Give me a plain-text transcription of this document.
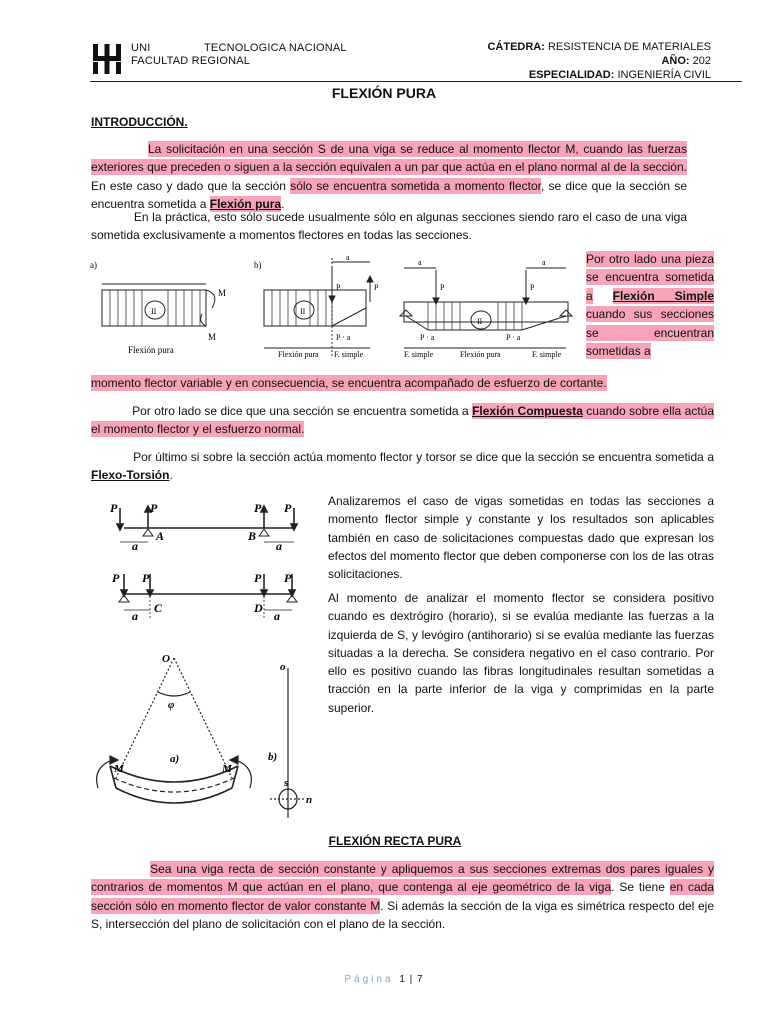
UNI	TECNOLOGICA NACIONAL
FACULTAD REGIONAL
CÁTEDRA: RESISTENCIA DE MATERIALES
AÑO: 202
ESPECIALIDAD: INGENIERÍA CIVIL
FLEXIÓN PURA
INTRODUCCIÓN.
La solicitación en una sección S de una viga se reduce al momento flector M, cuando las fuerzas exteriores que preceden o siguen a la sección equivalen a un par que actúa en el plano normal al de la sección. En este caso y dado que la sección sólo se encuentra sometida a momento flector, se dice que la sección se encuentra sometida a Flexión pura.
En la práctica, esto sólo sucede usualmente sólo en algunas secciones siendo raro el caso de una viga sometida exclusivamente a momentos flectores en todas las secciones.
a)	b)
M
M
II	II
II
Flexión pura
a
a	a
P	P	P	P
P · a	P · a	P · a
Flexión pura F. simple	F. simple	Flexión pura	F. simple
Por otro lado una pieza se encuentra sometida a Flexión Simple cuando sus secciones se encuentran sometidas a
momento flector variable y en consecuencia, se encuentra acompañado de esfuerzo de cortante.
Por otro lado se dice que una sección se encuentra sometida a Flexión Compuesta cuando sobre ella actúa el momento flector y el esfuerzo normal.
Por último si sobre la sección actúa momento flector y torsor se dice que la sección se encuentra sometida a Flexo-Torsión.
P	P	P P
a
A	B
a
P P	P P
a
C	D
a
Analizaremos el caso de vigas sometidas en todas las secciones a momento flector simple y constante y los resultados son aplicables también en caso de solicitaciones compuestas dado que expresan los efectos del momento flector que deben componerse con los de las otras solicitaciones.
Al momento de analizar el momento flector se considera positivo cuando es dextrógiro (horario), si se evalúa mediante las fuerzas a la izquierda de S, y levógiro (antihorario) si se evalúa mediante las fuerzas situadas a la derecha. Se considera negativo en el caso contrario. Por ello es positivo cuando las fibras longitudinales resultan sometidas a tracción en la parte inferior de la viga y comprimidas en la parte superior.
O
φ
M	M
a)	b)
o
s
n
FLEXIÓN RECTA PURA
Sea una viga recta de sección constante y apliquemos a sus secciones extremas dos pares iguales y contrarios de momentos M que actúan en el plano, que contenga al eje geométrico de la viga. Se tiene en cada sección sólo en momento flector de valor constante M. Si además la sección de la viga es simétrica respecto del eje S, intersección del plano de solicitación con el plano de la sección.
Página 1 | 7
